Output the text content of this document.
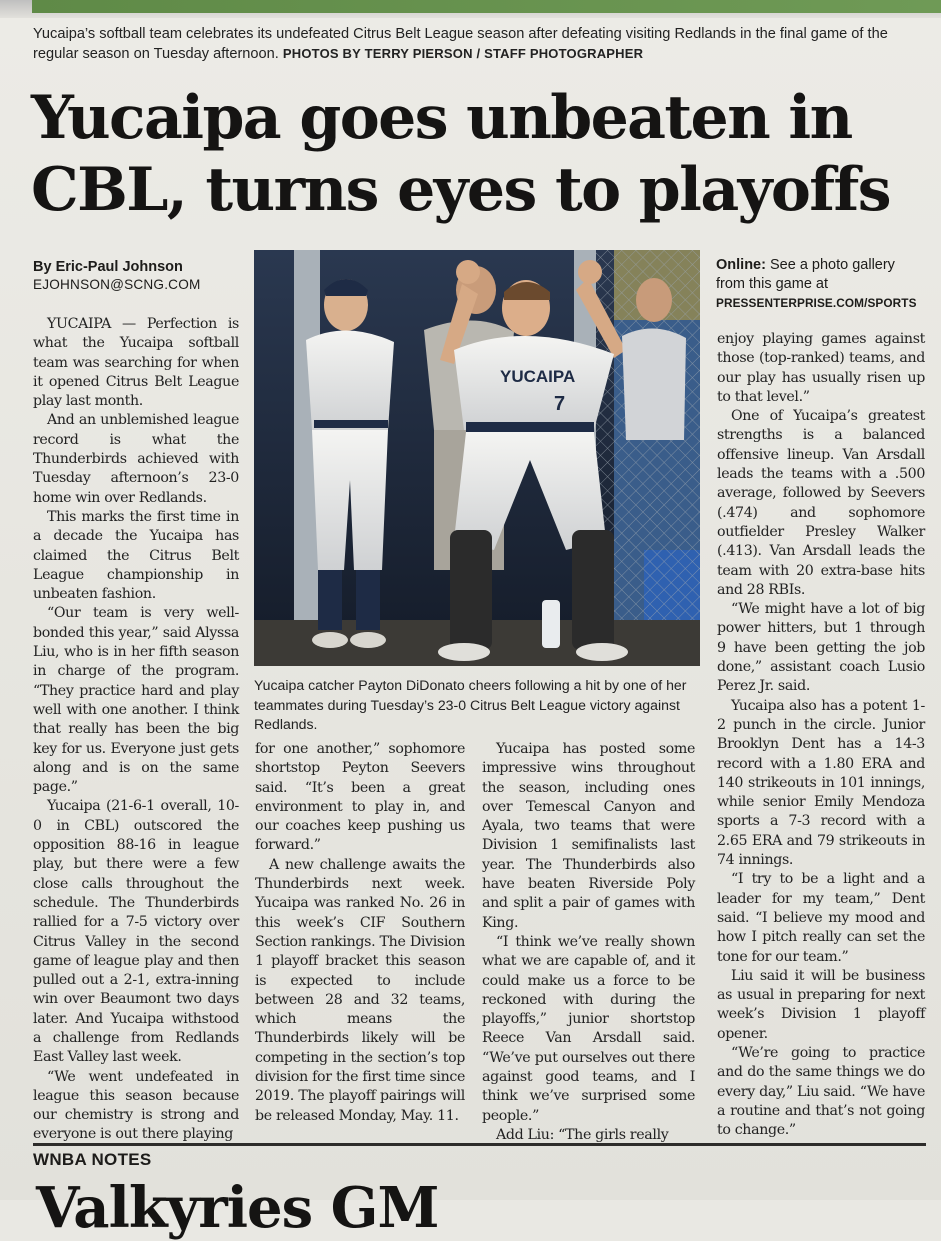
Yucaipa’s softball team celebrates its undefeated Citrus Belt League season after defeating visiting Redlands in the final game of the regular season on Tuesday afternoon. PHOTOS BY TERRY PIERSON / STAFF PHOTOGRAPHER
Yucaipa goes unbeaten in CBL, turns eyes to playoffs
By Eric-Paul Johnson
EJOHNSON@SCNG.COM
Online: See a photo gallery from this game at
PRESSENTERPRISE.COM/SPORTS
YUCAIPA
7
Yucaipa catcher Payton DiDonato cheers following a hit by one of her teammates during Tuesday’s 23-0 Citrus Belt League victory against Redlands.

YUCAIPA — Perfection is what the Yucaipa softball team was searching for when it opened Citrus Belt League play last month.

And an unblemished league record is what the Thunderbirds achieved with Tuesday afternoon’s 23-0 home win over Redlands.

This marks the first time in a decade the Yucaipa has claimed the Citrus Belt League championship in unbeaten fashion.

“Our team is very well-bonded this year,” said Alyssa Liu, who is in her fifth season in charge of the program. “They practice hard and play well with one another. I think that really has been the big key for us. Everyone just gets along and is on the same page.”

Yucaipa (21-6-1 overall, 10-0 in CBL) outscored the opposition 88-16 in league play, but there were a few close calls throughout the schedule. The Thunderbirds rallied for a 7-5 victory over Citrus Valley in the second game of league play and then pulled out a 2-1, extra-inning win over Beaumont two days later. And Yucaipa withstood a challenge from Redlands East Valley last week.

“We went undefeated in league this season because our chemistry is strong and everyone is out there playing

for one another,” sophomore shortstop Peyton Seevers said. “It’s been a great environment to play in, and our coaches keep pushing us forward.”

A new challenge awaits the Thunderbirds next week. Yucaipa was ranked No. 26 in this week’s CIF Southern Section rankings. The Division 1 playoff bracket this season is expected to include between 28 and 32 teams, which means the Thunderbirds likely will be competing in the section’s top division for the first time since 2019. The playoff pairings will be released Monday, May. 11.

Yucaipa has posted some impressive wins throughout the season, including ones over Temescal Canyon and Ayala, two teams that were Division 1 semifinalists last year. The Thunderbirds also have beaten Riverside Poly and split a pair of games with King.

“I think we’ve really shown what we are capable of, and it could make us a force to be reckoned with during the playoffs,” junior shortstop Reece Van Arsdall said. “We’ve put ourselves out there against good teams, and I think we’ve surprised some people.”

Add Liu: “The girls really

enjoy playing games against those (top-ranked) teams, and our play has usually risen up to that level.”

One of Yucaipa’s greatest strengths is a balanced offensive lineup. Van Arsdall leads the teams with a .500 average, followed by Seevers (.474) and sophomore outfielder Presley Walker (.413). Van Arsdall leads the team with 20 extra-base hits and 28 RBIs.

“We might have a lot of big power hitters, but 1 through 9 have been getting the job done,” assistant coach Lusio Perez Jr. said.

Yucaipa also has a potent 1-2 punch in the circle. Junior Brooklyn Dent has a 14-3 record with a 1.80 ERA and 140 strikeouts in 101 innings, while senior Emily Mendoza sports a 7-3 record with a 2.65 ERA and 79 strikeouts in 74 innings.

“I try to be a light and a leader for my team,” Dent said. “I believe my mood and how I pitch really can set the tone for our team.”

Liu said it will be business as usual in preparing for next week’s Division 1 playoff opener.

“We’re going to practice and do the same things we do every day,” Liu said. “We have a routine and that’s not going to change.”

WNBA NOTES
Valkyries GM
